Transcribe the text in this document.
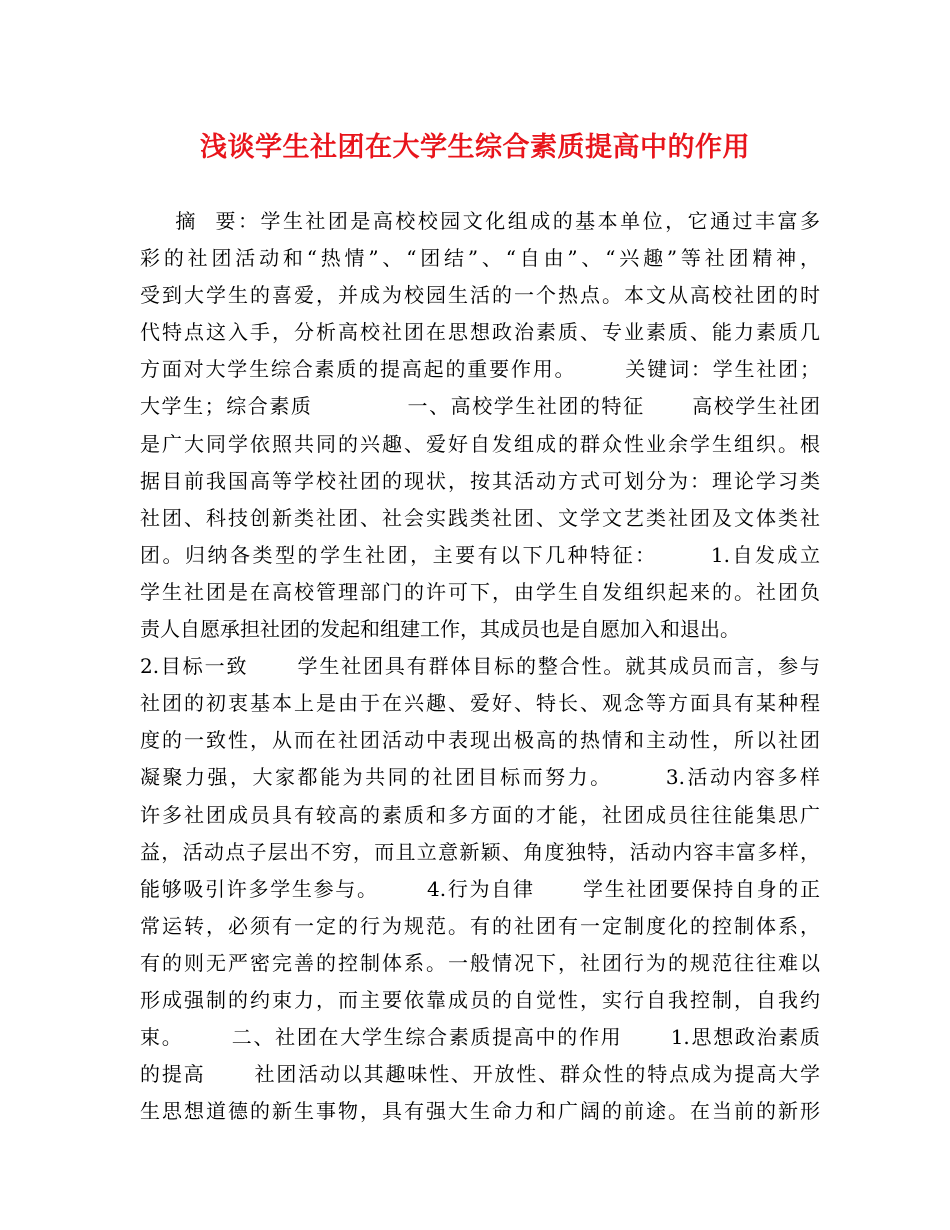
浅谈学生社团在大学生综合素质提高中的作用
摘  要：学生社团是高校校园文化组成的基本单位，它通过丰富多
彩的社团活动和“热情”、“团结”、“自由”、“兴趣”等社团精神，
受到大学生的喜爱，并成为校园生活的一个热点。本文从高校社团的时
代特点这入手，分析高校社团在思想政治素质、专业素质、能力素质几
方面对大学生综合素质的提高起的重要作用。      关键词：学生社团；
大学生；综合素质            一、高校学生社团的特征      高校学生社团
是广大同学依照共同的兴趣、爱好自发组成的群众性业余学生组织。根
据目前我国高等学校社团的现状，按其活动方式可划分为：理论学习类
社团、科技创新类社团、社会实践类社团、文学文艺类社团及文体类社
团。归纳各类型的学生社团，主要有以下几种特征：      1.自发成立
学生社团是在高校管理部门的许可下，由学生自发组织起来的。社团负
责人自愿承担社团的发起和组建工作，其成员也是自愿加入和退出。
2.目标一致      学生社团具有群体目标的整合性。就其成员而言，参与
社团的初衷基本上是由于在兴趣、爱好、特长、观念等方面具有某种程
度的一致性，从而在社团活动中表现出极高的热情和主动性，所以社团
凝聚力强，大家都能为共同的社团目标而努力。      3.活动内容多样
许多社团成员具有较高的素质和多方面的才能，社团成员往往能集思广
益，活动点子层出不穷，而且立意新颖、角度独特，活动内容丰富多样，
能够吸引许多学生参与。      4.行为自律      学生社团要保持自身的正
常运转，必须有一定的行为规范。有的社团有一定制度化的控制体系，
有的则无严密完善的控制体系。一般情况下，社团行为的规范往往难以
形成强制的约束力，而主要依靠成员的自觉性，实行自我控制，自我约
束。      二、社团在大学生综合素质提高中的作用      1.思想政治素质
的提高      社团活动以其趣味性、开放性、群众性的特点成为提高大学
生思想道德的新生事物，具有强大生命力和广阔的前途。在当前的新形
